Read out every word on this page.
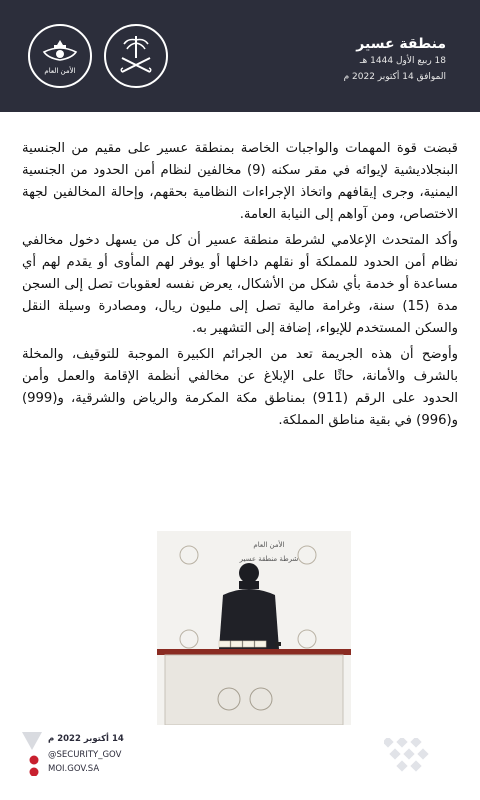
الأمن العام
منطقة عسير
18 ربيع الأول 1444 هـ
الموافق 14 أكتوبر 2022 م

قبضت قوة المهمات والواجبات الخاصة بمنطقة عسير على مقيم من الجنسية البنجلاديشية لإيوائه في مقر سكنه (9) مخالفين لنظام أمن الحدود من الجنسية اليمنية، وجرى إيقافهم واتخاذ الإجراءات النظامية بحقهم، وإحالة المخالفين لجهة الاختصاص، ومن آواهم إلى النيابة العامة.

وأكد المتحدث الإعلامي لشرطة منطقة عسير أن كل من يسهل دخول مخالفي نظام أمن الحدود للمملكة أو نقلهم داخلها أو يوفر لهم المأوى أو يقدم لهم أي مساعدة أو خدمة بأي شكل من الأشكال، يعرض نفسه لعقوبات تصل إلى السجن مدة (15) سنة، وغرامة مالية تصل إلى مليون ريال، ومصادرة وسيلة النقل والسكن المستخدم للإيواء، إضافة إلى التشهير به.

وأوضح أن هذه الجريمة تعد من الجرائم الكبيرة الموجبة للتوقيف، والمخلة بالشرف والأمانة، حاثًا على الإبلاغ عن مخالفي أنظمة الإقامة والعمل وأمن الحدود على الرقم (911) بمناطق مكة المكرمة والرياض والشرقية، و(999) و(996) في بقية مناطق المملكة.

الأمن العام
شرطة منطقة عسير
14 أكتوبر 2022 م
@SECURITY_GOV
MOI.GOV.SA
